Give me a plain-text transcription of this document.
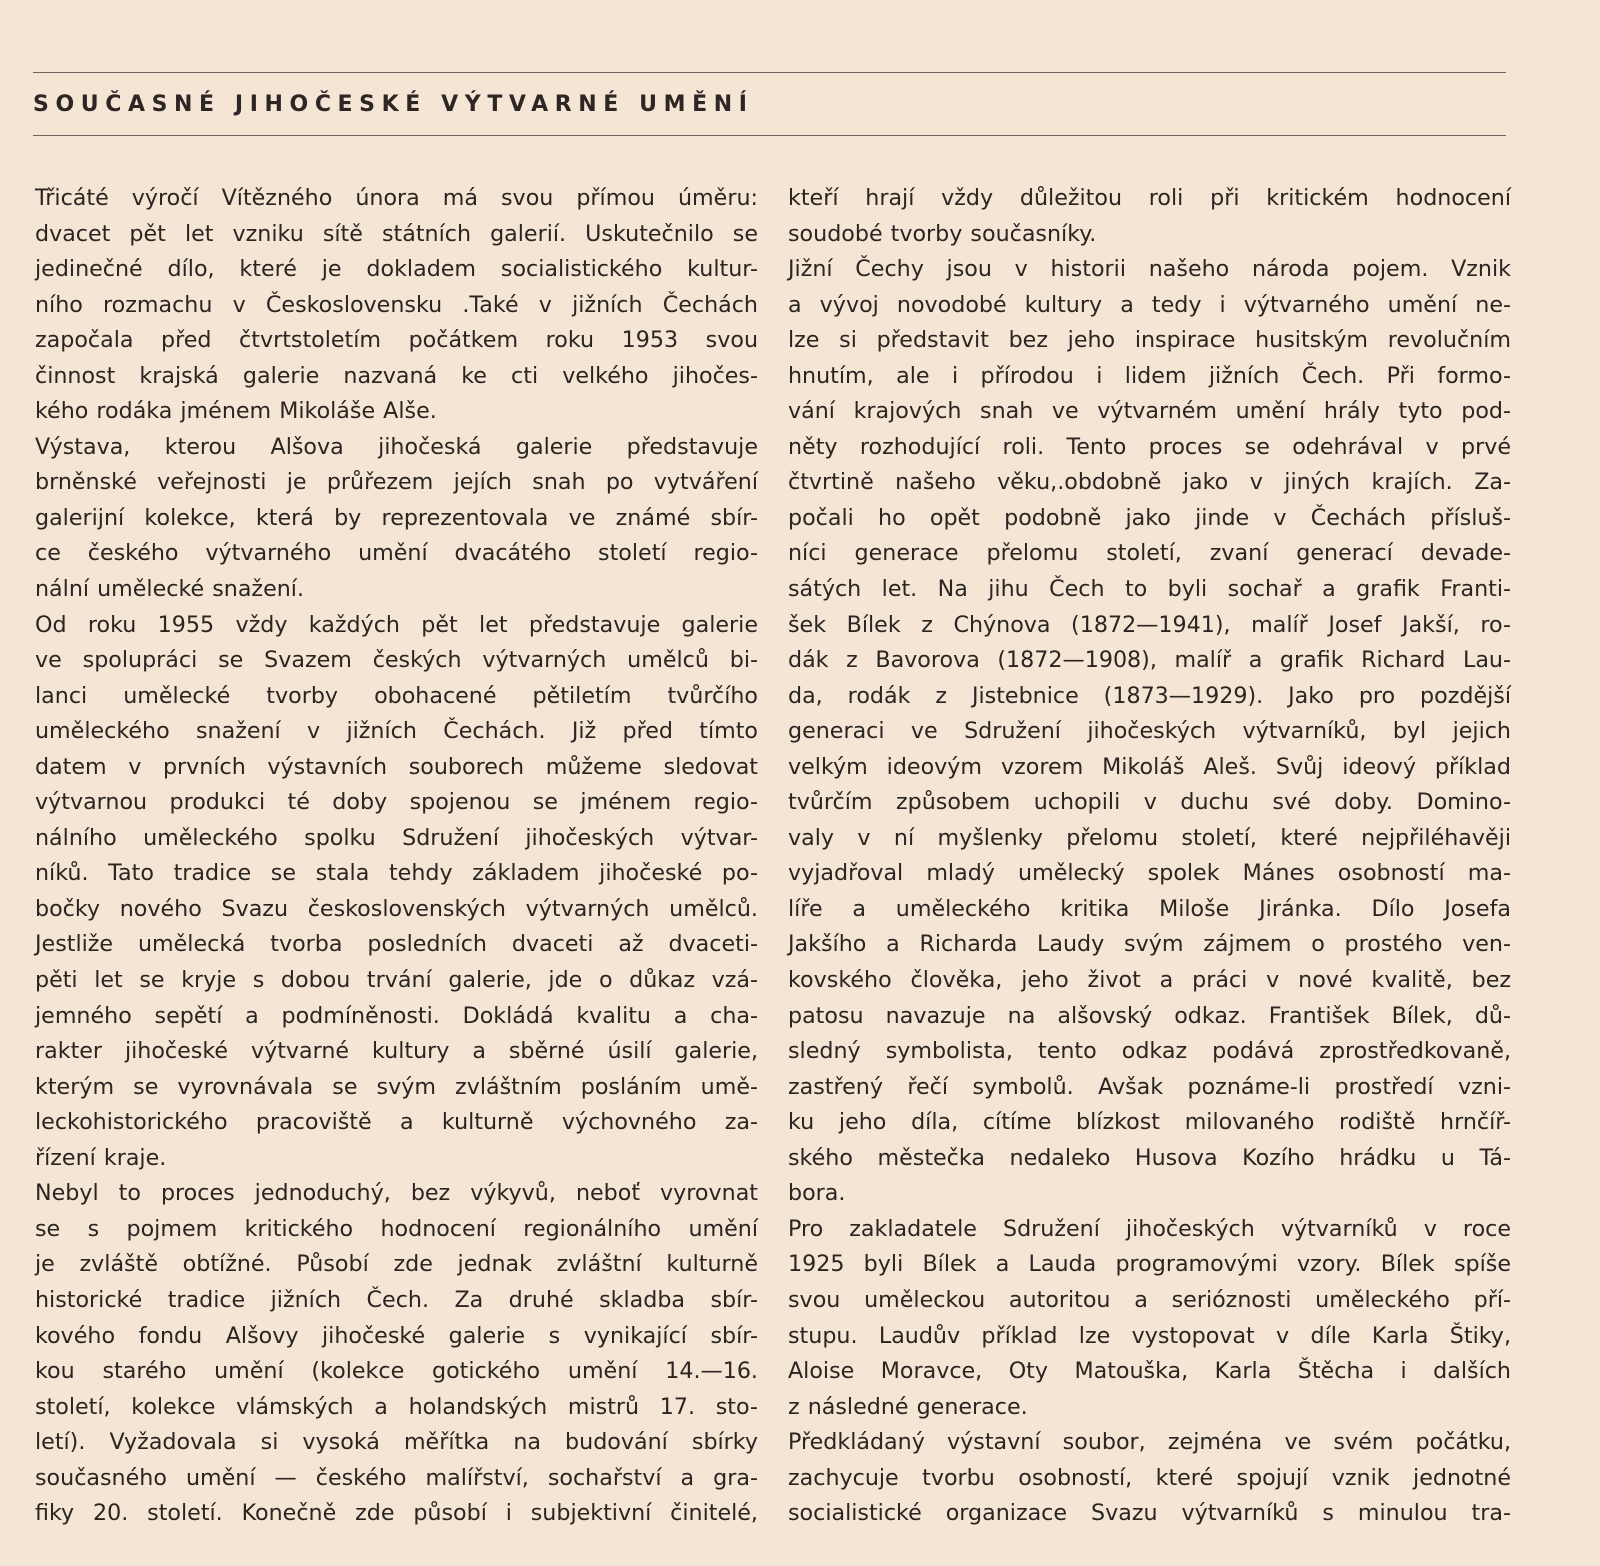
SOUČASNÉ JIHOČESKÉ VÝTVARNÉ UMĚNÍ
Třicáté výročí Vítězného února má svou přímou úměru:
dvacet pět let vzniku sítě státních galerií. Uskutečnilo se
jedinečné dílo, které je dokladem socialistického kultur-
ního rozmachu v Československu .Také v jižních Čechách
započala před čtvrtstoletím počátkem roku 1953 svou
činnost krajská galerie nazvaná ke cti velkého jihočes-
kého rodáka jménem Mikoláše Alše.
Výstava, kterou Alšova jihočeská galerie představuje
brněnské veřejnosti je průřezem jejích snah po vytváření
galerijní kolekce, která by reprezentovala ve známé sbír-
ce českého výtvarného umění dvacátého století regio-
nální umělecké snažení.
Od roku 1955 vždy každých pět let představuje galerie
ve spolupráci se Svazem českých výtvarných umělců bi-
lanci umělecké tvorby obohacené pětiletím tvůrčího
uměleckého snažení v jižních Čechách. Již před tímto
datem v prvních výstavních souborech můžeme sledovat
výtvarnou produkci té doby spojenou se jménem regio-
nálního uměleckého spolku Sdružení jihočeských výtvar-
níků. Tato tradice se stala tehdy základem jihočeské po-
bočky nového Svazu československých výtvarných umělců.
Jestliže umělecká tvorba posledních dvaceti až dvaceti-
pěti let se kryje s dobou trvání galerie, jde o důkaz vzá-
jemného sepětí a podmíněnosti. Dokládá kvalitu a cha-
rakter jihočeské výtvarné kultury a sběrné úsilí galerie,
kterým se vyrovnávala se svým zvláštním posláním umě-
leckohistorického pracoviště a kulturně výchovného za-
řízení kraje.
Nebyl to proces jednoduchý, bez výkyvů, neboť vyrovnat
se s pojmem kritického hodnocení regionálního umění
je zvláště obtížné. Působí zde jednak zvláštní kulturně
historické tradice jižních Čech. Za druhé skladba sbír-
kového fondu Alšovy jihočeské galerie s vynikající sbír-
kou starého umění (kolekce gotického umění 14.—16.
století, kolekce vlámských a holandských mistrů 17. sto-
letí). Vyžadovala si vysoká měřítka na budování sbírky
současného umění — českého malířství, sochařství a gra-
fiky 20. století. Konečně zde působí i subjektivní činitelé,
kteří hrají vždy důležitou roli při kritickém hodnocení
soudobé tvorby současníky.
Jižní Čechy jsou v historii našeho národa pojem. Vznik
a vývoj novodobé kultury a tedy i výtvarného umění ne-
lze si představit bez jeho inspirace husitským revolučním
hnutím, ale i přírodou i lidem jižních Čech. Při formo-
vání krajových snah ve výtvarném umění hrály tyto pod-
něty rozhodující roli. Tento proces se odehrával v prvé
čtvrtině našeho věku,.obdobně jako v jiných krajích. Za-
počali ho opět podobně jako jinde v Čechách přísluš-
níci generace přelomu století, zvaní generací devade-
sátých let. Na jihu Čech to byli sochař a grafik Franti-
šek Bílek z Chýnova (1872—1941), malíř Josef Jakší, ro-
dák z Bavorova (1872—1908), malíř a grafik Richard Lau-
da, rodák z Jistebnice (1873—1929). Jako pro pozdější
generaci ve Sdružení jihočeských výtvarníků, byl jejich
velkým ideovým vzorem Mikoláš Aleš. Svůj ideový příklad
tvůrčím způsobem uchopili v duchu své doby. Domino-
valy v ní myšlenky přelomu století, které nejpřiléhavěji
vyjadřoval mladý umělecký spolek Mánes osobností ma-
líře a uměleckého kritika Miloše Jiránka. Dílo Josefa
Jakšího a Richarda Laudy svým zájmem o prostého ven-
kovského člověka, jeho život a práci v nové kvalitě, bez
patosu navazuje na alšovský odkaz. František Bílek, dů-
sledný symbolista, tento odkaz podává zprostředkovaně,
zastřený řečí symbolů. Avšak poznáme-li prostředí vzni-
ku jeho díla, cítíme blízkost milovaného rodiště hrnčíř-
ského městečka nedaleko Husova Kozího hrádku u Tá-
bora.
Pro zakladatele Sdružení jihočeských výtvarníků v roce
1925 byli Bílek a Lauda programovými vzory. Bílek spíše
svou uměleckou autoritou a serióznosti uměleckého pří-
stupu. Laudův příklad lze vystopovat v díle Karla Štiky,
Aloise Moravce, Oty Matouška, Karla Štěcha i dalších
z následné generace.
Předkládaný výstavní soubor, zejména ve svém počátku,
zachycuje tvorbu osobností, které spojují vznik jednotné
socialistické organizace Svazu výtvarníků s minulou tra-
